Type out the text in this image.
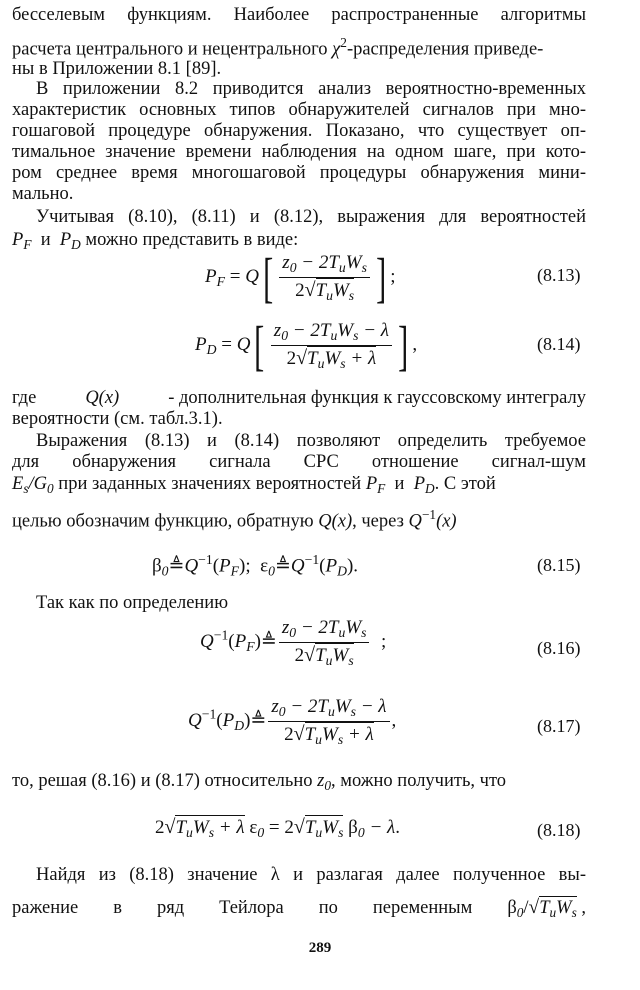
бесселевым функциям. Наиболее распространенные алгоритмы
расчета центрального и нецентрального $\chi^2$-распределения приведе-
ны в Приложении 8.1 [89].
В приложении 8.2 приводится анализ вероятностно-временных
характеристик основных типов обнаружителей сигналов при мно-
гошаговой процедуре обнаружения. Показано, что существует оп-
тимальное значение времени наблюдения на одном шаге, при кото-
ром среднее время многошаговой процедуры обнаружения мини-
мально.
Учитывая (8.10), (8.11) и (8.12), выражения для вероятностей
$P_F$ и $P_D$ можно представить в виде:
$P_F = Q[ \frac{z_0 - 2T_иW_s}{2√T_иW_s}$ ] ;	(8.13)
$P_D = Q[ \frac{z_0 - 2T_иW_s - \lambda}{2√T_иW_s + \lambda}$ ] ,	(8.14)
где	Q(x)	- дополнительная функция к гауссовскому интегралу
вероятности (см. табл.3.1).
Выражения (8.13) и (8.14) позволяют определить требуемое
для обнаружения сигнала СРС отношение сигнал-шум
$E_s/G_0$ при заданных значениях вероятностей $P_F$ и $P_D$. С этой
целью обозначим функцию, обратную Q(x), через $Q^{-1}(x)$
$\beta_0≜Q^{-1}(P_F)$; $\varepsilon_0≜Q^{-1}(P_D)$.	(8.15)
Так как по определению
$Q^{-1}(P_F)≜ \frac{z_0 - 2T_иW_s}{2√T_иW_s}$ ;	(8.16)
$Q^{-1}(P_D)≜ \frac{z_0 - 2T_иW_s - \lambda}{2√T_иW_s + \lambda}$ ,	(8.17)
то, решая (8.16) и (8.17) относительно $z_0$, можно получить, что
$2√T_иW_s + \lambda$ $\varepsilon_0 = 2√T_иW_s$ $\beta_0 - \lambda$.	(8.18)
Найдя из (8.18) значение λ и разлагая далее полученное вы-
ражение в ряд Тейлора по переменным $\beta_0/√T_иW_s$ ,
289
